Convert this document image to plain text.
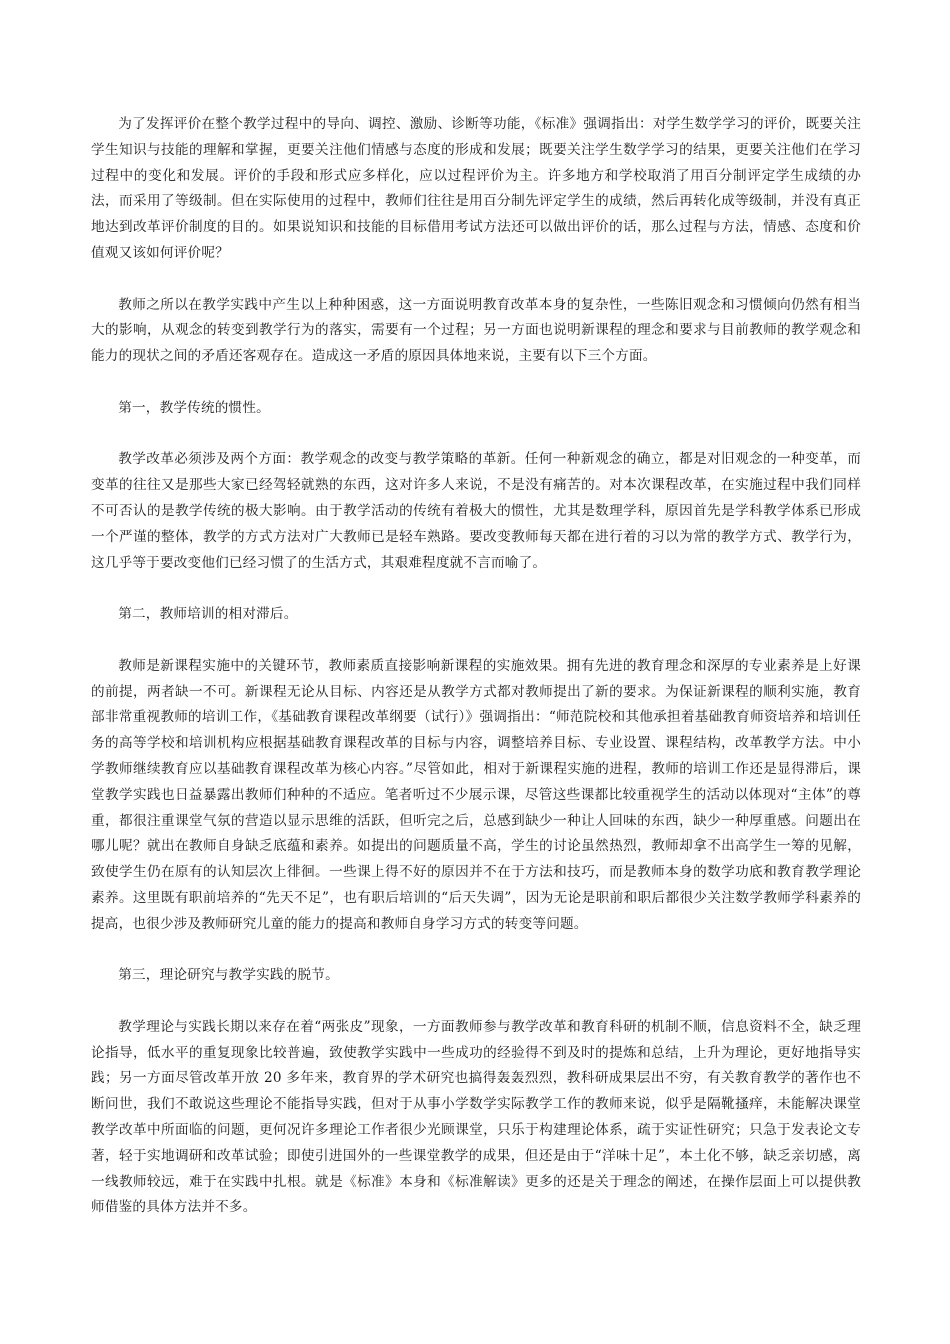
为了发挥评价在整个教学过程中的导向、调控、激励、诊断等功能，《标准》强调指出：对学生数学学习的评价，既要关注学生知识与技能的理解和掌握，更要关注他们情感与态度的形成和发展；既要关注学生数学学习的结果，更要关注他们在学习过程中的变化和发展。评价的手段和形式应多样化，应以过程评价为主。许多地方和学校取消了用百分制评定学生成绩的办法，而采用了等级制。但在实际使用的过程中，教师们往往是用百分制先评定学生的成绩，然后再转化成等级制，并没有真正地达到改革评价制度的目的。如果说知识和技能的目标借用考试方法还可以做出评价的话，那么过程与方法，情感、态度和价值观又该如何评价呢？

教师之所以在教学实践中产生以上种种困惑，这一方面说明教育改革本身的复杂性，一些陈旧观念和习惯倾向仍然有相当大的影响，从观念的转变到教学行为的落实，需要有一个过程；另一方面也说明新课程的理念和要求与目前教师的教学观念和能力的现状之间的矛盾还客观存在。造成这一矛盾的原因具体地来说，主要有以下三个方面。

第一，教学传统的惯性。

教学改革必须涉及两个方面：教学观念的改变与教学策略的革新。任何一种新观念的确立，都是对旧观念的一种变革，而变革的往往又是那些大家已经驾轻就熟的东西，这对许多人来说，不是没有痛苦的。对本次课程改革，在实施过程中我们同样不可否认的是教学传统的极大影响。由于教学活动的传统有着极大的惯性，尤其是数理学科，原因首先是学科教学体系已形成一个严谨的整体，教学的方式方法对广大教师已是轻车熟路。要改变教师每天都在进行着的习以为常的教学方式、教学行为，这几乎等于要改变他们已经习惯了的生活方式，其艰难程度就不言而喻了。

第二，教师培训的相对滞后。

教师是新课程实施中的关键环节，教师素质直接影响新课程的实施效果。拥有先进的教育理念和深厚的专业素养是上好课的前提，两者缺一不可。新课程无论从目标、内容还是从教学方式都对教师提出了新的要求。为保证新课程的顺利实施，教育部非常重视教师的培训工作，《基础教育课程改革纲要（试行）》强调指出：“师范院校和其他承担着基础教育师资培养和培训任务的高等学校和培训机构应根据基础教育课程改革的目标与内容，调整培养目标、专业设置、课程结构，改革教学方法。中小学教师继续教育应以基础教育课程改革为核心内容。”尽管如此，相对于新课程实施的进程，教师的培训工作还是显得滞后，课堂教学实践也日益暴露出教师们种种的不适应。笔者听过不少展示课，尽管这些课都比较重视学生的活动以体现对“主体”的尊重，都很注重课堂气氛的营造以显示思维的活跃，但听完之后，总感到缺少一种让人回味的东西，缺少一种厚重感。问题出在哪儿呢？就出在教师自身缺乏底蕴和素养。如提出的问题质量不高，学生的讨论虽然热烈，教师却拿不出高学生一筹的见解，致使学生仍在原有的认知层次上徘徊。一些课上得不好的原因并不在于方法和技巧，而是教师本身的数学功底和教育教学理论素养。这里既有职前培养的“先天不足”，也有职后培训的“后天失调”，因为无论是职前和职后都很少关注数学教师学科素养的提高，也很少涉及教师研究儿童的能力的提高和教师自身学习方式的转变等问题。

第三，理论研究与教学实践的脱节。

教学理论与实践长期以来存在着“两张皮”现象，一方面教师参与教学改革和教育科研的机制不顺，信息资料不全，缺乏理论指导，低水平的重复现象比较普遍，致使教学实践中一些成功的经验得不到及时的提炼和总结，上升为理论，更好地指导实践；另一方面尽管改革开放 20 多年来，教育界的学术研究也搞得轰轰烈烈，教科研成果层出不穷，有关教育教学的著作也不断问世，我们不敢说这些理论不能指导实践，但对于从事小学数学实际教学工作的教师来说，似乎是隔靴搔痒，未能解决课堂教学改革中所面临的问题，更何况许多理论工作者很少光顾课堂，只乐于构建理论体系，疏于实证性研究；只急于发表论文专著，轻于实地调研和改革试验；即使引进国外的一些课堂教学的成果，但还是由于“洋味十足”，本土化不够，缺乏亲切感，离一线教师较远，难于在实践中扎根。就是《标准》本身和《标准解读》更多的还是关于理念的阐述，在操作层面上可以提供教师借鉴的具体方法并不多。
